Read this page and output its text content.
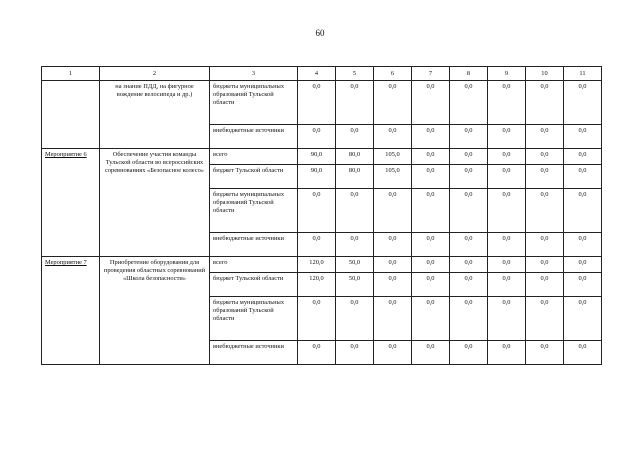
60
1	2	3	4	5	6	7	8	9	10	11
	на знание ПДД, на фигурное вождение велосипеда и др.)	бюджеты муниципальных образований Тульской области	0,0	0,0	0,0	0,0	0,0	0,0	0,0	0,0
		внебюджетные источники	0,0	0,0	0,0	0,0	0,0	0,0	0,0	0,0
Мероприятие 6	Обеспечение участия команды Тульской области во всероссийских соревнованиях «Безопасное колесо»	всего	90,0	80,0	105,0	0,0	0,0	0,0	0,0	0,0
		бюджет Тульской области	90,0	80,0	105,0	0,0	0,0	0,0	0,0	0,0
		бюджеты муниципальных образований Тульской области	0,0	0,0	0,0	0,0	0,0	0,0	0,0	0,0
		внебюджетные источники	0,0	0,0	0,0	0,0	0,0	0,0	0,0	0,0
Мероприятие 7	Приобретение оборудования для проведения областных соревнований «Школа безопасности»	всего	120,0	50,0	0,0	0,0	0,0	0,0	0,0	0,0
		бюджет Тульской области	120,0	50,0	0,0	0,0	0,0	0,0	0,0	0,0
		бюджеты муниципальных образований Тульской области	0,0	0,0	0,0	0,0	0,0	0,0	0,0	0,0
		внебюджетные источники	0,0	0,0	0,0	0,0	0,0	0,0	0,0	0,0
